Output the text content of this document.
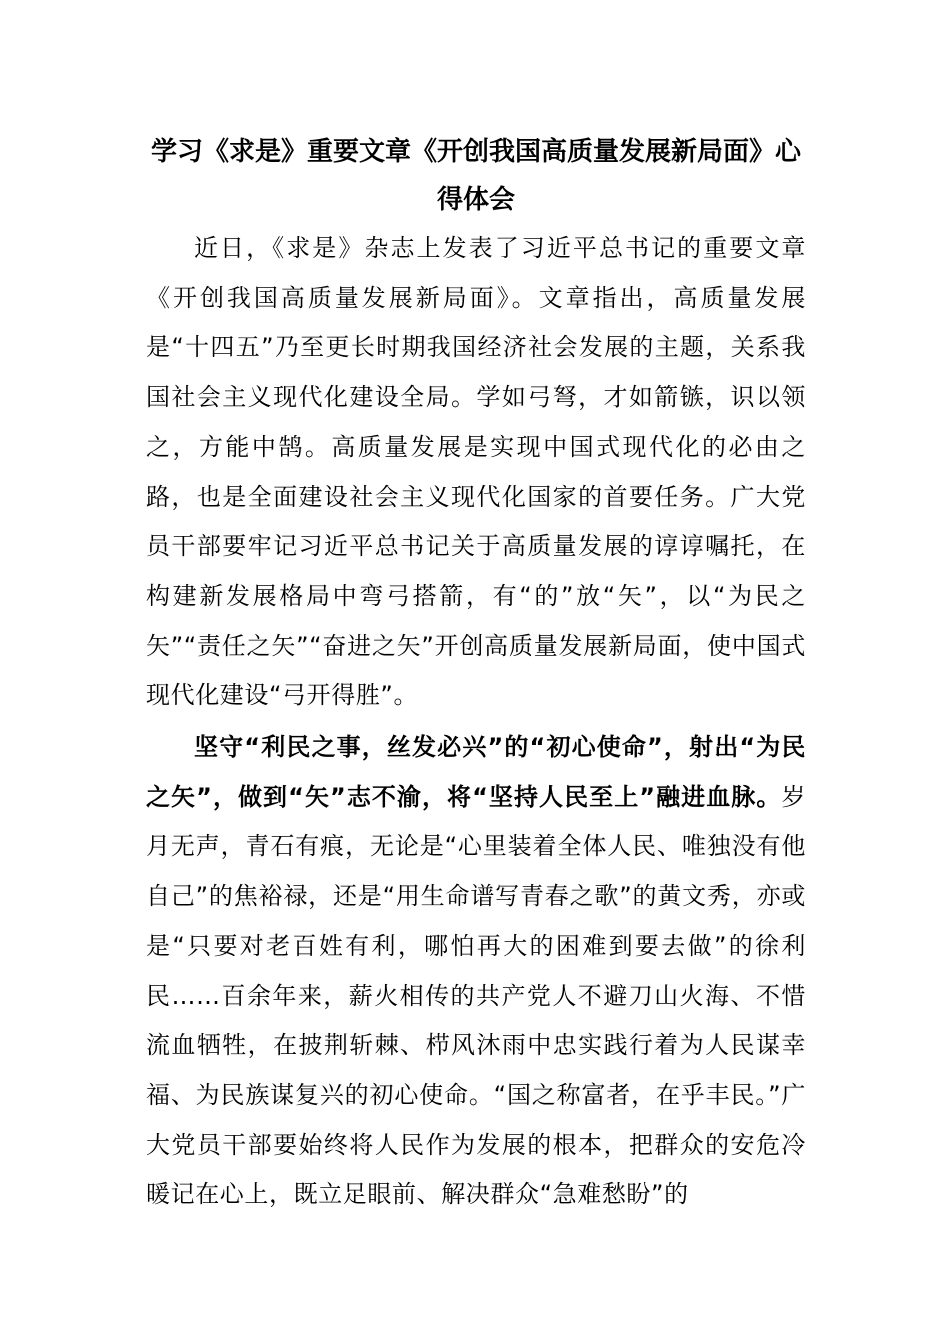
学习《求是》重要文章《开创我国高质量发展新局面》心得体会

近日，《求是》杂志上发表了习近平总书记的重要文章《开创我国高质量发展新局面》。文章指出，高质量发展是“十四五”乃至更长时期我国经济社会发展的主题，关系我国社会主义现代化建设全局。学如弓弩，才如箭镞，识以领之，方能中鹄。高质量发展是实现中国式现代化的必由之路，也是全面建设社会主义现代化国家的首要任务。广大党员干部要牢记习近平总书记关于高质量发展的谆谆嘱托，在构建新发展格局中弯弓搭箭，有“的”放“矢”，以“为民之矢”“责任之矢”“奋进之矢”开创高质量发展新局面，使中国式现代化建设“弓开得胜”。

坚守“利民之事，丝发必兴”的“初心使命”，射出“为民之矢”，做到“矢”志不渝，将“坚持人民至上”融进血脉。岁月无声，青石有痕，无论是“心里装着全体人民、唯独没有他自己”的焦裕禄，还是“用生命谱写青春之歌”的黄文秀，亦或是“只要对老百姓有利，哪怕再大的困难到要去做”的徐利民……百余年来，薪火相传的共产党人不避刀山火海、不惜流血牺牲，在披荆斩棘、栉风沐雨中忠实践行着为人民谋幸福、为民族谋复兴的初心使命。“国之称富者，在乎丰民。”广大党员干部要始终将人民作为发展的根本，把群众的安危冷暖记在心上，既立足眼前、解决群众“急难愁盼”的
